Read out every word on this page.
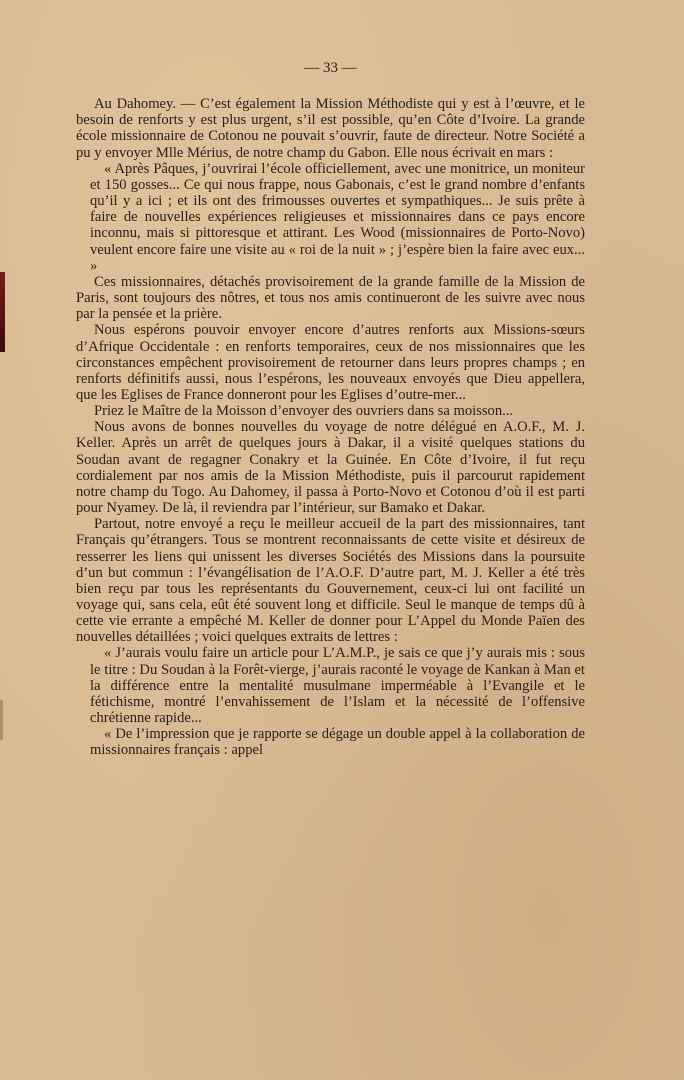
— 33 —

Au Dahomey. — C’est également la Mission Méthodiste qui y est à l’œuvre, et le besoin de renforts y est plus urgent, s’il est possible, qu’en Côte d’Ivoire. La grande école missionnaire de Cotonou ne pouvait s’ouvrir, faute de directeur. Notre Société a pu y envoyer Mlle Mérius, de notre champ du Gabon. Elle nous écrivait en mars :

« Après Pâques, j’ouvrirai l’école officiellement, avec une monitrice, un moniteur et 150 gosses... Ce qui nous frappe, nous Gabonais, c’est le grand nombre d’enfants qu’il y a ici ; et ils ont des frimousses ouvertes et sympathiques... Je suis prête à faire de nouvelles expériences religieuses et missionnaires dans ce pays encore inconnu, mais si pittoresque et attirant. Les Wood (missionnaires de Porto-Novo) veulent encore faire une visite au « roi de la nuit » ; j’espère bien la faire avec eux... »

Ces missionnaires, détachés provisoirement de la grande famille de la Mission de Paris, sont toujours des nôtres, et tous nos amis continueront de les suivre avec nous par la pensée et la prière.

Nous espérons pouvoir envoyer encore d’autres renforts aux Missions-sœurs d’Afrique Occidentale : en renforts temporaires, ceux de nos missionnaires que les circonstances empêchent provisoirement de retourner dans leurs propres champs ; en renforts définitifs aussi, nous l’espérons, les nouveaux envoyés que Dieu appellera, que les Eglises de France donneront pour les Eglises d’outre-mer...

Priez le Maître de la Moisson d’envoyer des ouvriers dans sa moisson...

Nous avons de bonnes nouvelles du voyage de notre délégué en A.O.F., M. J. Keller. Après un arrêt de quelques jours à Dakar, il a visité quelques stations du Soudan avant de regagner Conakry et la Guinée. En Côte d’Ivoire, il fut reçu cordialement par nos amis de la Mission Méthodiste, puis il parcourut rapidement notre champ du Togo. Au Dahomey, il passa à Porto-Novo et Cotonou d’où il est parti pour Nyamey. De là, il reviendra par l’intérieur, sur Bamako et Dakar.

Partout, notre envoyé a reçu le meilleur accueil de la part des missionnaires, tant Français qu’étrangers. Tous se montrent reconnaissants de cette visite et désireux de resserrer les liens qui unissent les diverses Sociétés des Missions dans la poursuite d’un but commun : l’évangélisation de l’A.O.F. D’autre part, M. J. Keller a été très bien reçu par tous les représentants du Gouvernement, ceux-ci lui ont facilité un voyage qui, sans cela, eût été souvent long et difficile. Seul le manque de temps dû à cette vie errante a empêché M. Keller de donner pour L’Appel du Monde Païen des nouvelles détaillées ; voici quelques extraits de lettres :

« J’aurais voulu faire un article pour L’A.M.P., je sais ce que j’y aurais mis : sous le titre : Du Soudan à la Forêt-vierge, j’aurais raconté le voyage de Kankan à Man et la différence entre la mentalité musulmane imperméable à l’Evangile et le fétichisme, montré l’envahissement de l’Islam et la nécessité de l’offensive chrétienne rapide...

« De l’impression que je rapporte se dégage un double appel à la collaboration de missionnaires français : appel
